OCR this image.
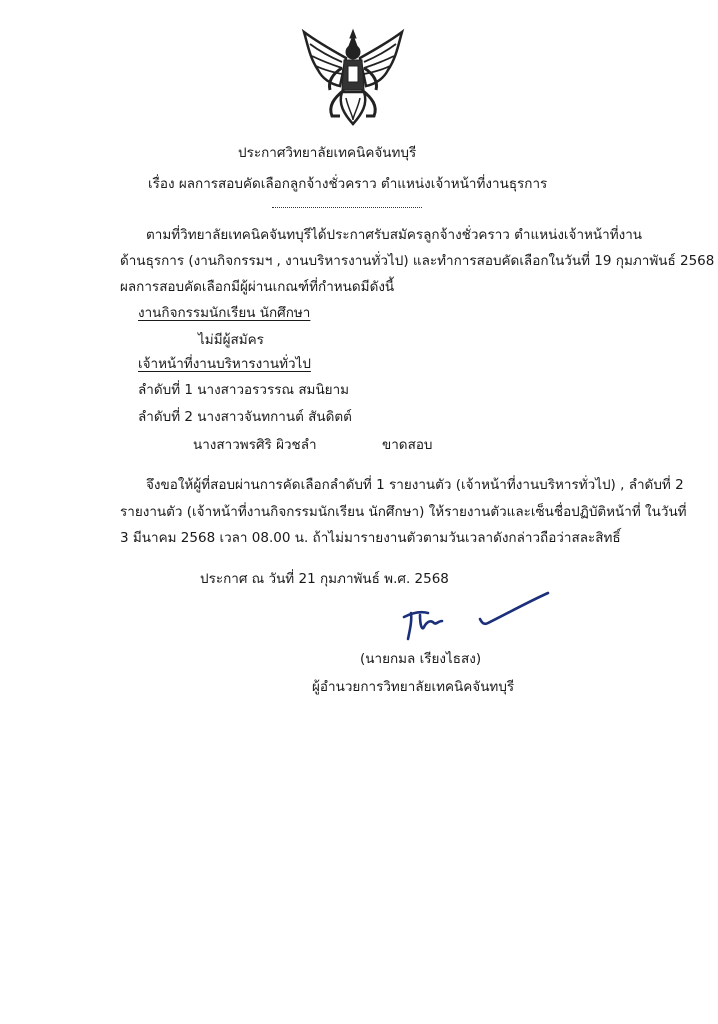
ประกาศวิทยาลัยเทคนิคจันทบุรี
เรื่อง ผลการสอบคัดเลือกลูกจ้างชั่วคราว ตำแหน่งเจ้าหน้าที่งานธุรการ
ตามที่วิทยาลัยเทคนิคจันทบุรีได้ประกาศรับสมัครลูกจ้างชั่วคราว ตำแหน่งเจ้าหน้าที่งาน
ด้านธุรการ (งานกิจกรรมฯ , งานบริหารงานทั่วไป) และทำการสอบคัดเลือกในวันที่ 19 กุมภาพันธ์ 2568
ผลการสอบคัดเลือกมีผู้ผ่านเกณฑ์ที่กำหนดมีดังนี้
งานกิจกรรมนักเรียน นักศึกษา
ไม่มีผู้สมัคร
เจ้าหน้าที่งานบริหารงานทั่วไป
ลำดับที่ 1 นางสาวอรวรรณ สมนิยาม
ลำดับที่ 2 นางสาวจันทกานต์ สันดิตต์
นางสาวพรศิริ ผิวชลำ	ขาดสอบ
จึงขอให้ผู้ที่สอบผ่านการคัดเลือกลำดับที่ 1 รายงานตัว (เจ้าหน้าที่งานบริหารทั่วไป) , ลำดับที่ 2
รายงานตัว (เจ้าหน้าที่งานกิจกรรมนักเรียน นักศึกษา) ให้รายงานตัวและเซ็นชื่อปฏิบัติหน้าที่ ในวันที่
3 มีนาคม 2568 เวลา 08.00 น. ถ้าไม่มารายงานตัวตามวันเวลาดังกล่าวถือว่าสละสิทธิ์
ประกาศ ณ วันที่ 21 กุมภาพันธ์ พ.ศ. 2568
(นายกมล เรียงไธสง)
ผู้อำนวยการวิทยาลัยเทคนิคจันทบุรี
